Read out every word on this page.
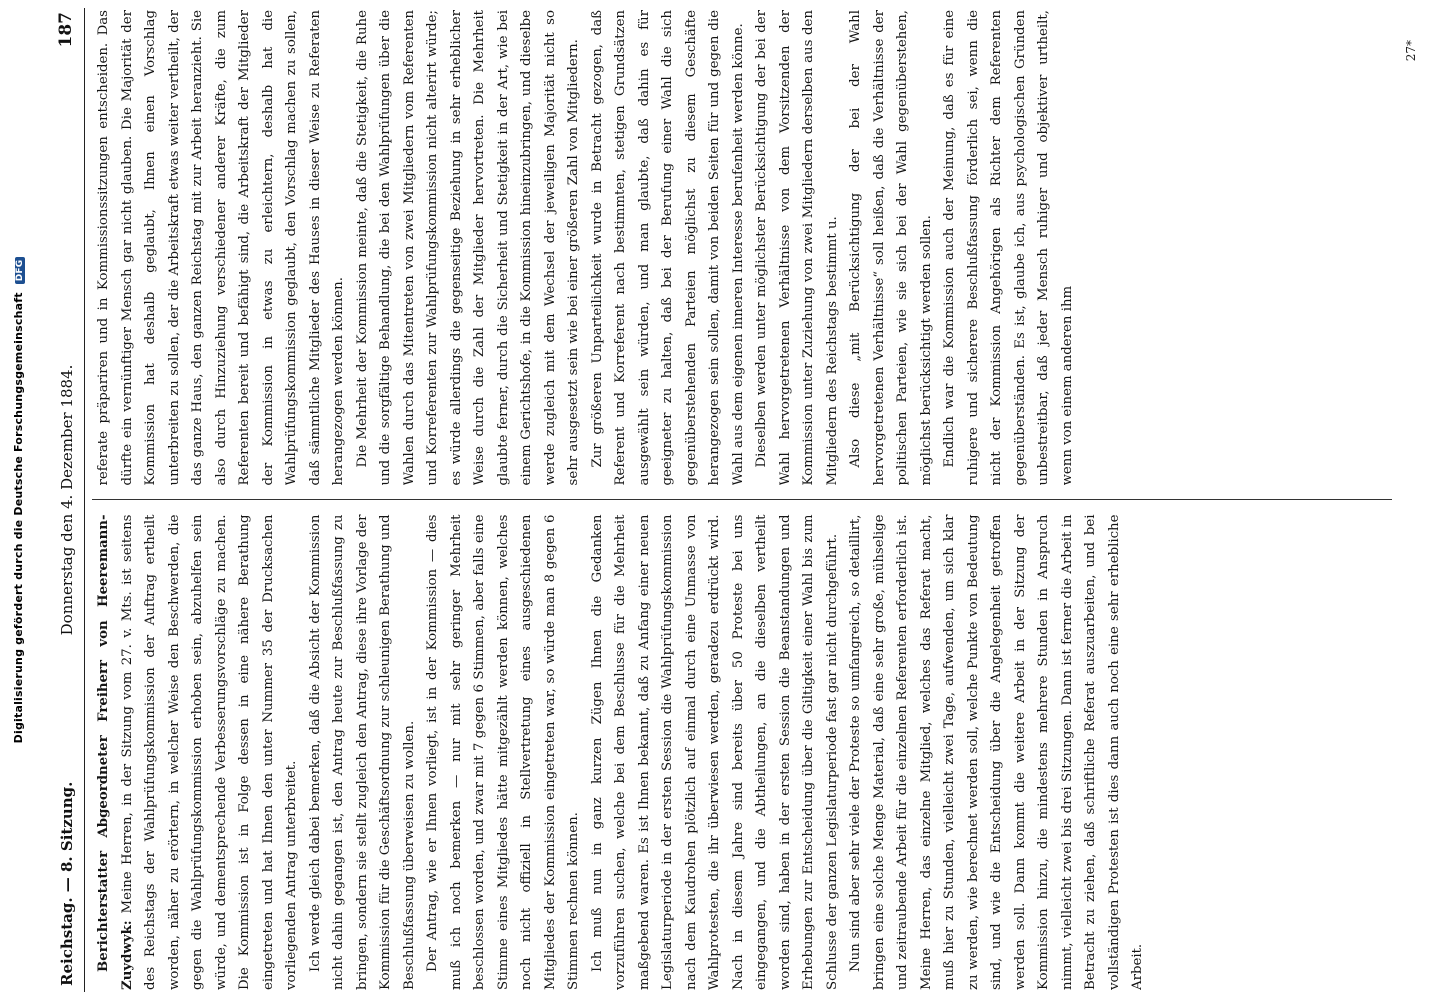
Digitalisierung gefördert durch die Deutsche Forschungsgemeinschaft DFG
Reichstag. — 8. Sitzung.
Donnerstag den 4. Dezember 1884.
187

Berichterstatter Abgeordneter Freiherr von Heeremann-Zuydwyk: Meine Herren, in der Sitzung vom 27. v. Mts. ist seitens des Reichstags der Wahlprüfungskommission der Auftrag ertheilt worden, näher zu erörtern, in welcher Weise den Beschwerden, die gegen die Wahlprüfungskommission erhoben sein, abzuhelfen sein würde, und dementsprechende Verbesserungsvorschläge zu machen. Die Kommission ist in Folge dessen in eine nähere Berathung eingetreten und hat Ihnen den unter Nummer 35 der Drucksachen vorliegenden Antrag unterbreitet. Ich werde gleich dabei bemerken, daß die Absicht der Kommission nicht dahin gegangen ist, den Antrag heute zur Beschlußfassung zu bringen, sondern sie stellt zugleich den Antrag, diese ihre Vorlage der Kommission für die Geschäftsordnung zur schleunigen Berathung und Beschlußfassung überweisen zu wollen. Der Antrag, wie er Ihnen vorliegt, ist in der Kommission — dies muß ich noch bemerken — nur mit sehr geringer Mehrheit beschlossen worden, und zwar mit 7 gegen 6 Stimmen, aber falls eine Stimme eines Mitgliedes hätte mitgezählt werden können, welches noch nicht offiziell in Stellvertretung eines ausgeschiedenen Mitgliedes der Kommission eingetreten war, so würde man 8 gegen 6 Stimmen rechnen können. Ich muß nun in ganz kurzen Zügen Ihnen die Gedanken vorzuführen suchen, welche bei dem Beschlusse für die Mehrheit maßgebend waren. Es ist Ihnen bekannt, daß zu Anfang einer neuen Legislaturperiode in der ersten Session die Wahlprüfungskommission nach dem Kaudrohen plötzlich auf einmal durch eine Unmasse von Wahlprotesten, die ihr überwiesen werden, geradezu erdrückt wird. Nach in diesem Jahre sind bereits über 50 Proteste bei uns eingegangen, und die Abtheilungen, an die dieselben vertheilt worden sind, haben in der ersten Session die Beanstandungen und Erhebungen zur Entscheidung über die Giltigkeit einer Wahl bis zum Schlusse der ganzen Legislaturperiode fast gar nicht durchgeführt. Nun sind aber sehr viele der Proteste so umfangreich, so detaillirt, bringen eine solche Menge Material, daß eine sehr große, mühselige und zeitraubende Arbeit für die einzelnen Referenten erforderlich ist. Meine Herren, das einzelne Mitglied, welches das Referat macht, muß hier zu Stunden, vielleicht zwei Tage, aufwenden, um sich klar zu werden, wie berechnet werden soll, welche Punkte von Bedeutung sind, und wie die Entscheidung über die Angelegenheit getroffen werden soll. Dann kommt die weitere Arbeit in der Sitzung der Kommission hinzu, die mindestens mehrere Stunden in Anspruch nimmt, vielleicht zwei bis drei Sitzungen. Dann ist ferner die Arbeit in Betracht zu ziehen, daß schriftliche Referat auszuarbeiten, und bei vollständigen Protesten ist dies dann auch noch eine sehr erhebliche Arbeit.

referate präpariren und in Kommissionssitzungen entscheiden. Das dürfte ein vernünftiger Mensch gar nicht glauben. Die Majorität der Kommission hat deshalb geglaubt, Ihnen einen Vorschlag unterbreiten zu sollen, der die Arbeitskraft etwas weiter vertheilt, der das ganze Haus, den ganzen Reichstag mit zur Arbeit heranzieht. Sie also durch Hinzuziehung verschiedener anderer Kräfte, die zum Referenten bereit und befähigt sind, die Arbeitskraft der Mitglieder der Kommission in etwas zu erleichtern, deshalb hat die Wahlprüfungskommission geglaubt, den Vorschlag machen zu sollen, daß sämmtliche Mitglieder des Hauses in dieser Weise zu Referaten herangezogen werden können. Die Mehrheit der Kommission meinte, daß die Stetigkeit, die Ruhe und die sorgfältige Behandlung, die bei den Wahlprüfungen über die Wahlen durch das Mitentreten von zwei Mitgliedern vom Referenten und Korreferenten zur Wahlprüfungskommission nicht alterirt würde; es würde allerdings die gegenseitige Beziehung in sehr erheblicher Weise durch die Zahl der Mitglieder hervortreten. Die Mehrheit glaubte ferner, durch die Sicherheit und Stetigkeit in der Art, wie bei einem Gerichtshofe, in die Kommission hineinzubringen, und dieselbe werde zugleich mit dem Wechsel der jeweiligen Majorität nicht so sehr ausgesetzt sein wie bei einer größeren Zahl von Mitgliedern. Zur größeren Unparteilichkeit wurde in Betracht gezogen, daß Referent und Korreferent nach bestimmten, stetigen Grundsätzen ausgewählt sein würden, und man glaubte, daß dahin es für geeigneter zu halten, daß bei der Berufung einer Wahl die sich gegenüberstehenden Parteien möglichst zu diesem Geschäfte herangezogen sein sollen, damit von beiden Seiten für und gegen die Wahl aus dem eigenen inneren Interesse berufenheit werden könne. Dieselben werden unter möglichster Berücksichtigung der bei der Wahl hervorgetretenen Verhältnisse von dem Vorsitzenden der Kommission unter Zuziehung von zwei Mitgliedern derselben aus den Mitgliedern des Reichstags bestimmt u. Also diese „mit Berücksichtigung der bei der Wahl hervorgetretenen Verhältnisse“ soll heißen, daß die Verhältnisse der politischen Parteien, wie sie sich bei der Wahl gegenüberstehen, möglichst berücksichtigt werden sollen. Endlich war die Kommission auch der Meinung, daß es für eine ruhigere und sicherere Beschlußfassung förderlich sei, wenn die nicht der Kommission Angehörigen als Richter dem Referenten gegenüberständen. Es ist, glaube ich, aus psychologischen Gründen unbestreitbar, daß jeder Mensch ruhiger und objektiver urtheilt, wenn von einem anderen ihm

27*
